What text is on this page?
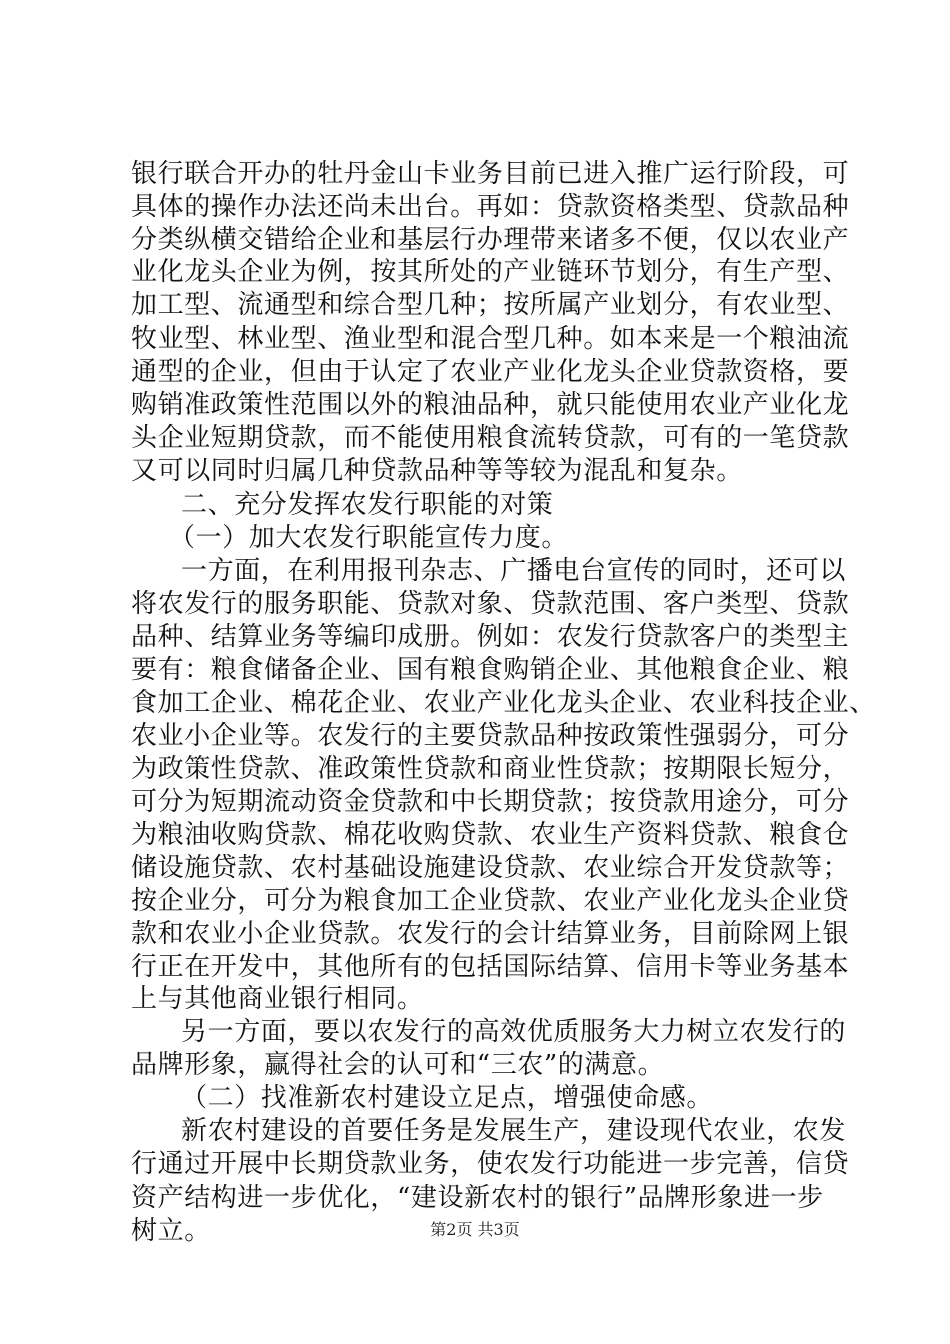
银行联合开办的牡丹金山卡业务目前已进入推广运行阶段，可
具体的操作办法还尚未出台。再如：贷款资格类型、贷款品种
分类纵横交错给企业和基层行办理带来诸多不便，仅以农业产
业化龙头企业为例，按其所处的产业链环节划分，有生产型、
加工型、流通型和综合型几种；按所属产业划分，有农业型、
牧业型、林业型、渔业型和混合型几种。如本来是一个粮油流
通型的企业，但由于认定了农业产业化龙头企业贷款资格，要
购销准政策性范围以外的粮油品种，就只能使用农业产业化龙
头企业短期贷款，而不能使用粮食流转贷款，可有的一笔贷款
又可以同时归属几种贷款品种等等较为混乱和复杂。
二、充分发挥农发行职能的对策
（一）加大农发行职能宣传力度。
一方面，在利用报刊杂志、广播电台宣传的同时，还可以
将农发行的服务职能、贷款对象、贷款范围、客户类型、贷款
品种、结算业务等编印成册。例如：农发行贷款客户的类型主
要有：粮食储备企业、国有粮食购销企业、其他粮食企业、粮
食加工企业、棉花企业、农业产业化龙头企业、农业科技企业、
农业小企业等。农发行的主要贷款品种按政策性强弱分，可分
为政策性贷款、准政策性贷款和商业性贷款；按期限长短分，
可分为短期流动资金贷款和中长期贷款；按贷款用途分，可分
为粮油收购贷款、棉花收购贷款、农业生产资料贷款、粮食仓
储设施贷款、农村基础设施建设贷款、农业综合开发贷款等；
按企业分，可分为粮食加工企业贷款、农业产业化龙头企业贷
款和农业小企业贷款。农发行的会计结算业务，目前除网上银
行正在开发中，其他所有的包括国际结算、信用卡等业务基本
上与其他商业银行相同。
另一方面，要以农发行的高效优质服务大力树立农发行的
品牌形象，赢得社会的认可和“三农”的满意。
（二）找准新农村建设立足点，增强使命感。
新农村建设的首要任务是发展生产，建设现代农业，农发
行通过开展中长期贷款业务，使农发行功能进一步完善，信贷
资产结构进一步优化，“建设新农村的银行”品牌形象进一步
树立。	第2页 共3页
